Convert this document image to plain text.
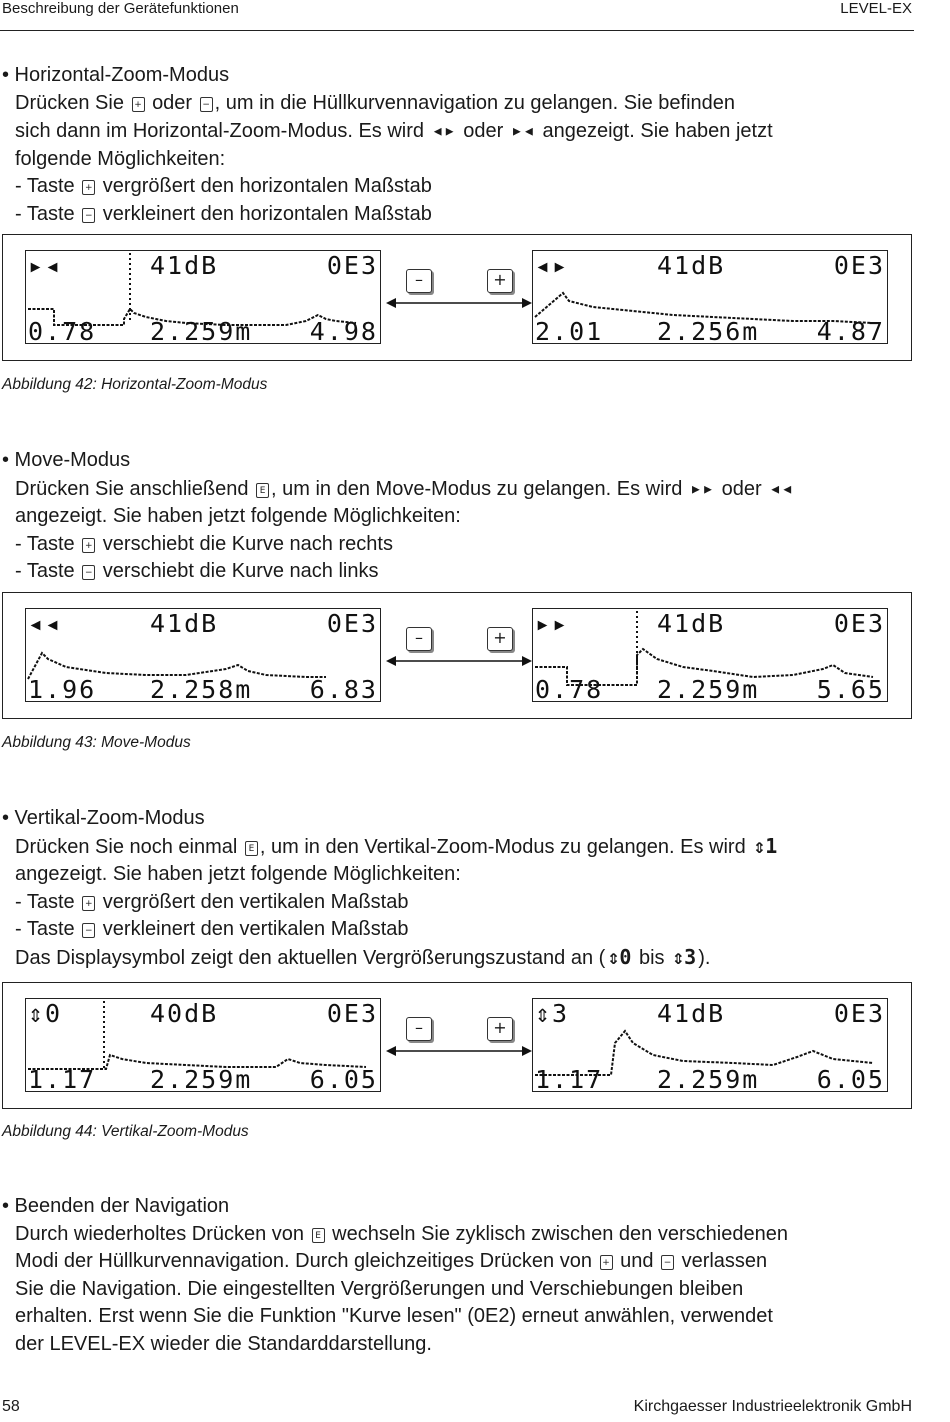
Beschreibung der Gerätefunktionen	LEVEL-EX
• Horizontal-Zoom-Modus
Drücken Sie + oder − , um in die Hüllkurvennavigation zu gelangen. Sie befinden
sich dann im Horizontal-Zoom-Modus. Es wird ◂▸ oder ▸◂ angezeigt. Sie haben jetzt
folgende Möglichkeiten:
- Taste + vergrößert den horizontalen Maßstab
- Taste − verkleinert den horizontalen Maßstab
▸◂	41dB	0E3
0.78 2.259m 4.98
◂▸	41dB	0E3
2.01 2.256m 4.87
–	+
Abbildung 42: Horizontal-Zoom-Modus
• Move-Modus
Drücken Sie anschließend E , um in den Move-Modus zu gelangen. Es wird ▸▸ oder ◂◂
angezeigt. Sie haben jetzt folgende Möglichkeiten:
- Taste + verschiebt die Kurve nach rechts
- Taste − verschiebt die Kurve nach links
◂◂	41dB	0E3
1.96 2.258m 6.83
▸▸	41dB	0E3
0.78 2.259m 5.65
–	+
Abbildung 43: Move-Modus
• Vertikal-Zoom-Modus
Drücken Sie noch einmal E , um in den Vertikal-Zoom-Modus zu gelangen. Es wird ⇕1
angezeigt. Sie haben jetzt folgende Möglichkeiten:
- Taste + vergrößert den vertikalen Maßstab
- Taste − verkleinert den vertikalen Maßstab
Das Displaysymbol zeigt den aktuellen Vergrößerungszustand an ( ⇕0 bis ⇕3 ).
⇕0	40dB	0E3
1.17 2.259m 6.05
⇕3	41dB	0E3
1.17 2.259m 6.05
–	+
Abbildung 44: Vertikal-Zoom-Modus
• Beenden der Navigation
Durch wiederholtes Drücken von E wechseln Sie zyklisch zwischen den verschiedenen
Modi der Hüllkurvennavigation. Durch gleichzeitiges Drücken von + und − verlassen
Sie die Navigation. Die eingestellten Vergrößerungen und Verschiebungen bleiben
erhalten. Erst wenn Sie die Funktion "Kurve lesen" (0E2) erneut anwählen, verwendet
der LEVEL-EX wieder die Standarddarstellung.
58	Kirchgaesser Industrieelektronik GmbH
